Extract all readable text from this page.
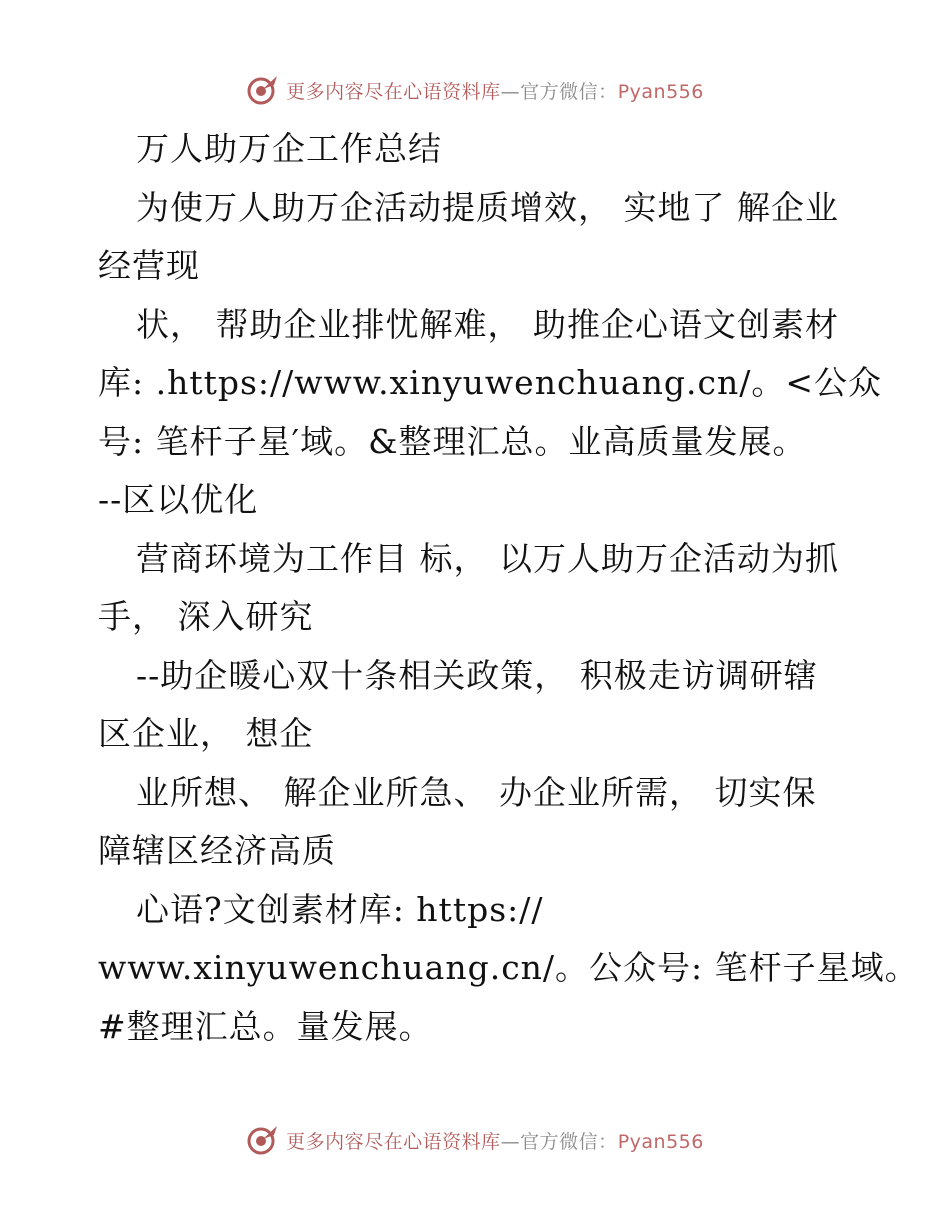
更多内容尽在心语资料库—官方微信：Pyan556
万人助万企工作总结
为使万人助万企活动提质增效， 实地了 解企业
经营现
状， 帮助企业排忧解难， 助推企心语文创素材
库: .https://www.xinyuwenchuang.cn/。<公众
号: 笔杆子星′域。&整理汇总。业高质量发展。
--区以优化
营商环境为工作目 标， 以万人助万企活动为抓
手， 深入研究
--助企暖心双十条相关政策， 积极走访调研辖
区企业， 想企
业所想、 解企业所急、 办企业所需， 切实保
障辖区经济高质
心语?文创素材库: https://
www.xinyuwenchuang.cn/。公众号: 笔杆子星域。
#整理汇总。量发展。
更多内容尽在心语资料库—官方微信：Pyan556
